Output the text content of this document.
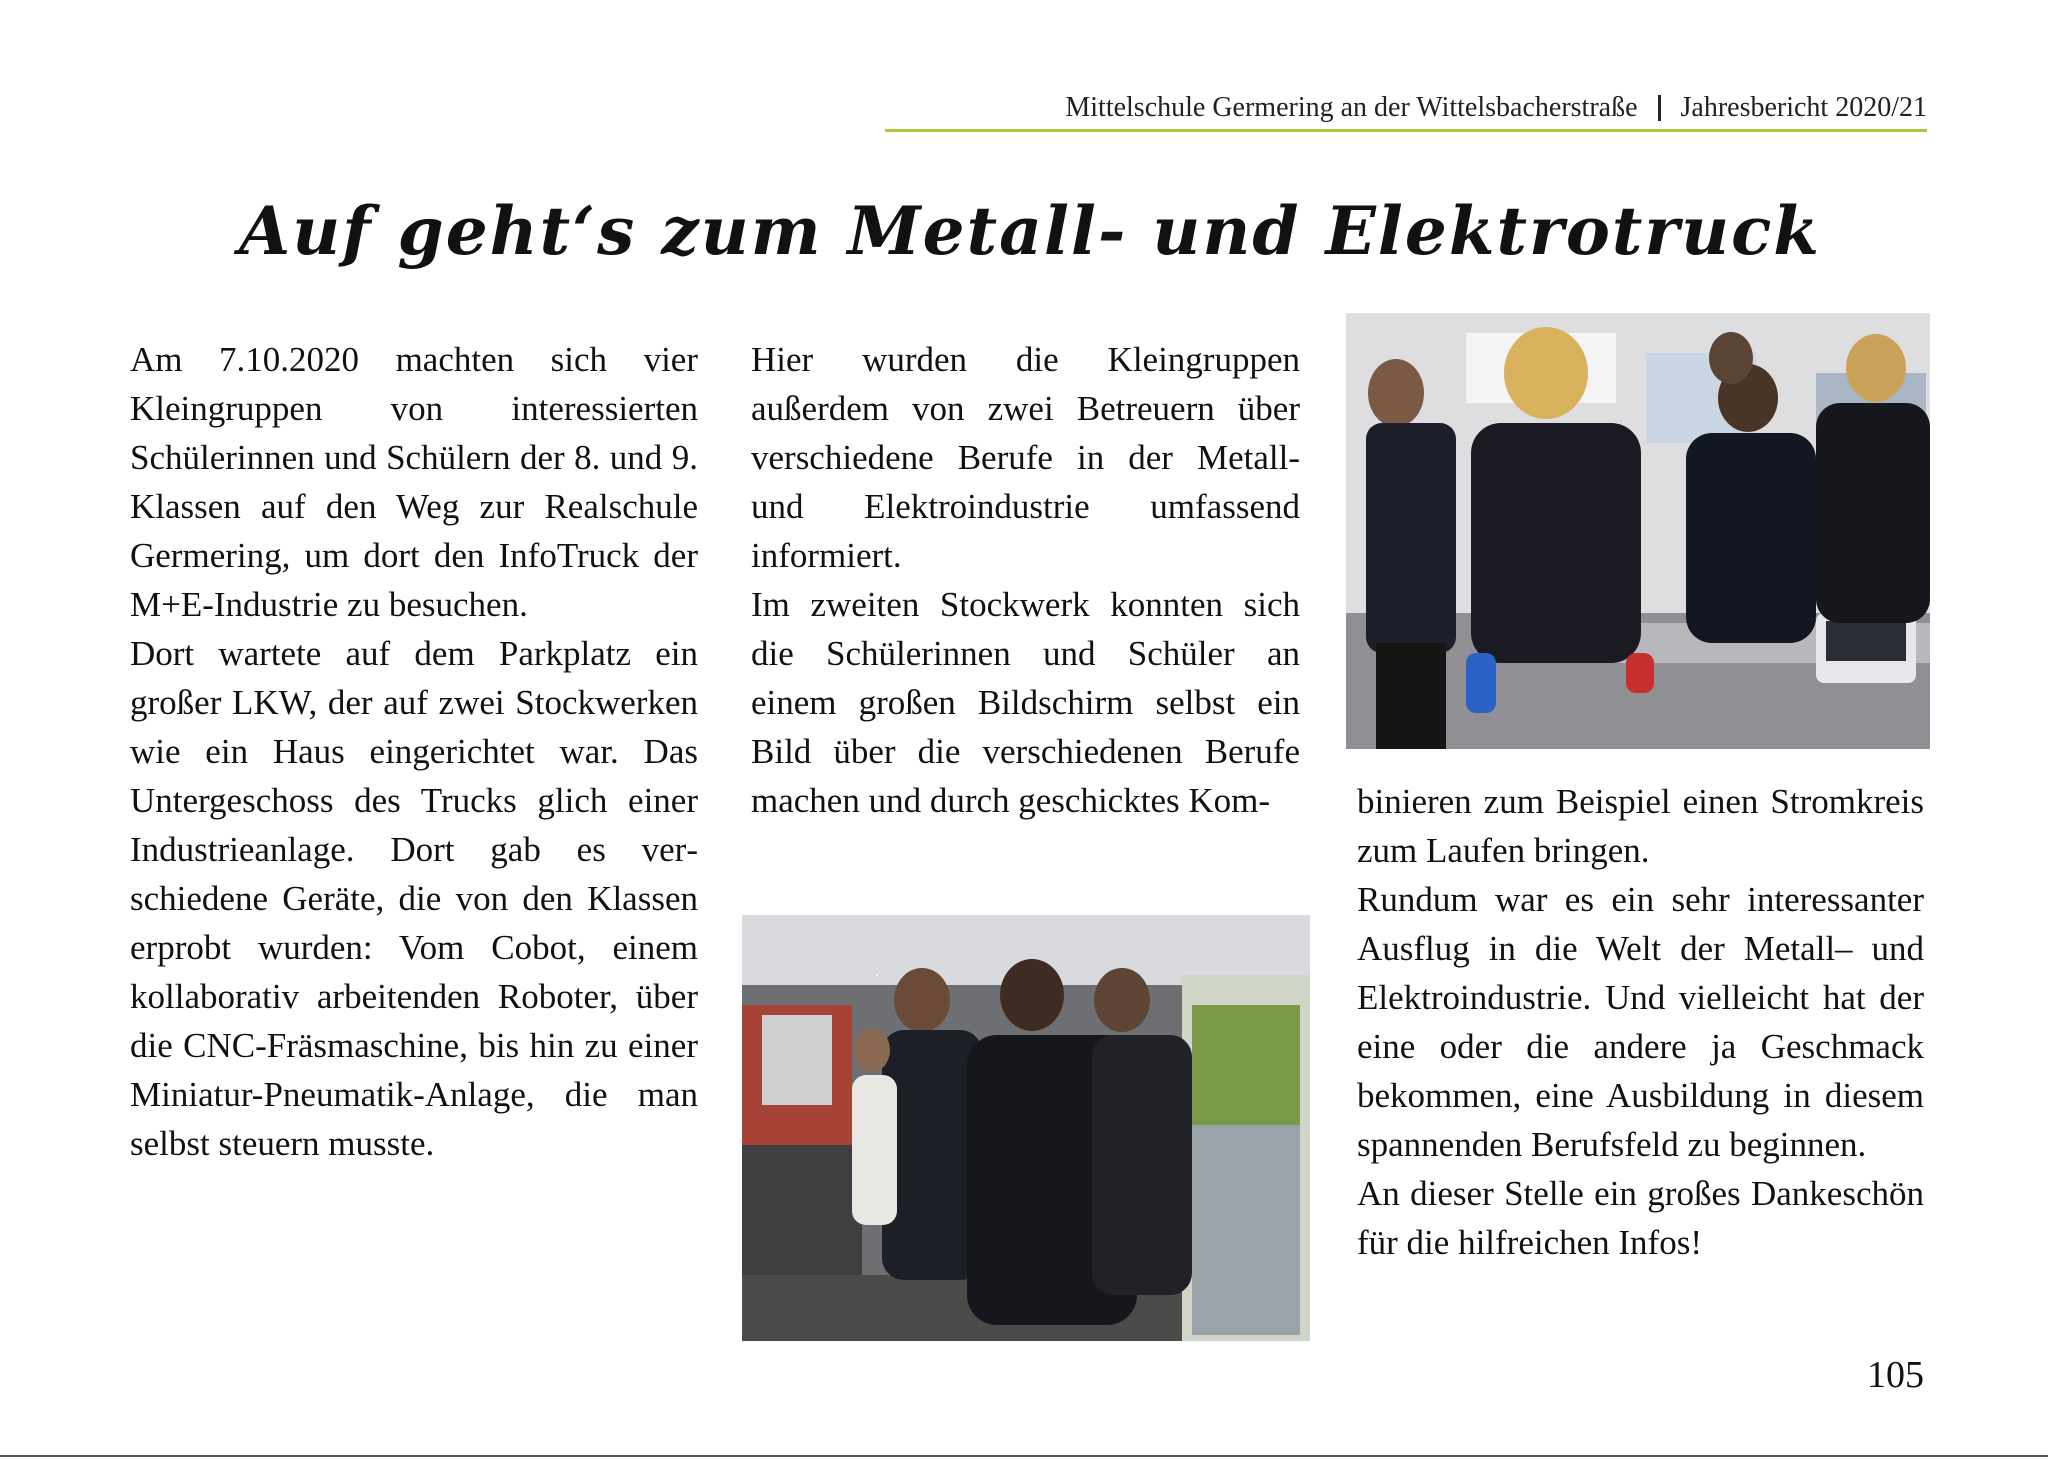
Mittelschule Germering an der Wittelsbacherstraße Jahresbericht 2020/21
Auf geht‘s zum Metall- und Elektrotruck

Am 7.10.2020 machten sich vier Kleingruppen von interessierten Schülerinnen und Schülern der 8. und 9. Klassen auf den Weg zur Realschule Germering, um dort den InfoTruck der M+E-Industrie zu besuchen.

Dort wartete auf dem Parkplatz ein großer LKW, der auf zwei Stockwerken wie ein Haus eingerichtet war. Das Untergeschoss des Trucks glich einer Industrieanlage. Dort gab es verschiedene Geräte, die von den Klassen erprobt wurden: Vom Cobot, einem kollaborativ arbeitenden Roboter, über die CNC-Fräsmaschine, bis hin zu einer Miniatur-Pneumatik-Anlage, die man selbst steuern musste.

Hier wurden die Kleingruppen außerdem von zwei Betreuern über verschiedene Berufe in der Metall- und Elektroindustrie umfassend informiert.

Im zweiten Stockwerk konnten sich die Schülerinnen und Schüler an einem großen Bildschirm selbst ein Bild über die verschiedenen Berufe machen und durch geschicktes Kom-	binieren zum Beispiel einen Stromkreis zum Laufen bringen.

Rundum war es ein sehr interessanter Ausflug in die Welt der Metall– und Elektroindustrie. Und vielleicht hat der eine oder die andere ja Geschmack bekommen, eine Ausbildung in diesem spannenden Berufsfeld zu beginnen.

An dieser Stelle ein großes Dankeschön für die hilfreichen Infos!

105
